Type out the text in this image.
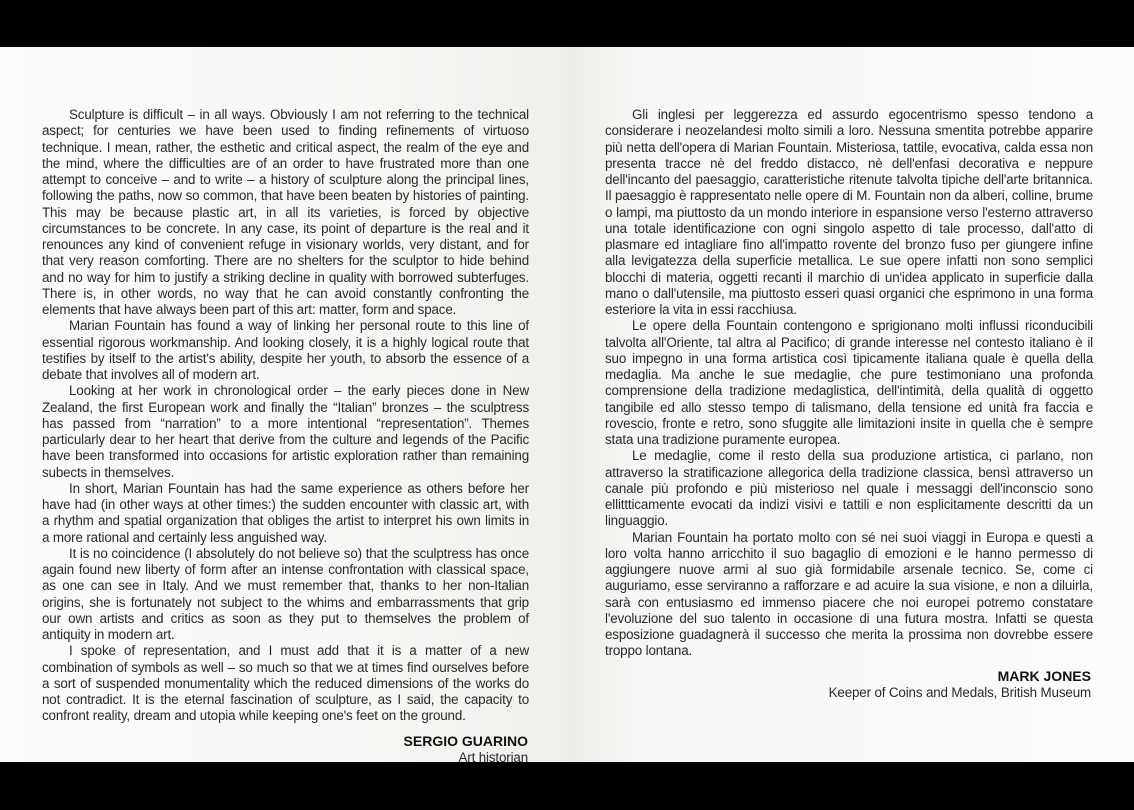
Sculpture is difficult – in all ways. Obviously I am not referring to the technical aspect; for centuries we have been used to finding refinements of virtuoso technique. I mean, rather, the esthetic and critical aspect, the realm of the eye and the mind, where the difficulties are of an order to have frustrated more than one attempt to conceive – and to write – a history of sculpture along the principal lines, following the paths, now so common, that have been beaten by histories of painting. This may be because plastic art, in all its varieties, is forced by objective circumstances to be concrete. In any case, its point of departure is the real and it renounces any kind of convenient refuge in visionary worlds, very distant, and for that very reason comforting. There are no shelters for the sculptor to hide behind and no way for him to justify a striking decline in quality with borrowed subterfuges. There is, in other words, no way that he can avoid constantly confronting the elements that have always been part of this art: matter, form and space.

Marian Fountain has found a way of linking her personal route to this line of essential rigorous workmanship. And looking closely, it is a highly logical route that testifies by itself to the artist's ability, despite her youth, to absorb the essence of a debate that involves all of modern art.

Looking at her work in chronological order – the early pieces done in New Zealand, the first European work and finally the “Italian” bronzes – the sculptress has passed from “narration” to a more intentional “representation”. Themes particularly dear to her heart that derive from the culture and legends of the Pacific have been transformed into occasions for artistic exploration rather than remaining subects in themselves.

In short, Marian Fountain has had the same experience as others before her have had (in other ways at other times:) the sudden encounter with classic art, with a rhythm and spatial organization that obliges the artist to interpret his own limits in a more rational and certainly less anguished way.

It is no coincidence (I absolutely do not believe so) that the sculptress has once again found new liberty of form after an intense confrontation with classical space, as one can see in Italy. And we must remember that, thanks to her non-Italian origins, she is fortunately not subject to the whims and embarrassments that grip our own artists and critics as soon as they put to themselves the problem of antiquity in modern art.

I spoke of representation, and I must add that it is a matter of a new combination of symbols as well – so much so that we at times find ourselves before a sort of suspended monumentality which the reduced dimensions of the works do not contradict. It is the eternal fascination of sculpture, as I said, the capacity to confront reality, dream and utopia while keeping one's feet on the ground.

SERGIO GUARINO
Art historian

Gli inglesi per leggerezza ed assurdo egocentrismo spesso tendono a considerare i neozelandesi molto simili a loro. Nessuna smentita potrebbe apparire più netta dell'opera di Marian Fountain. Misteriosa, tattile, evocativa, calda essa non presenta tracce nè del freddo distacco, nè dell'enfasi decorativa e neppure dell'incanto del paesaggio, caratteristiche ritenute talvolta tipiche dell'arte britannica. Il paesaggio è rappresentato nelle opere di M. Fountain non da alberi, colline, brume o lampi, ma piuttosto da un mondo interiore in espansione verso l'esterno attraverso una totale identificazione con ogni singolo aspetto di tale processo, dall'atto di plasmare ed intagliare fino all'impatto rovente del bronzo fuso per giungere infine alla levigatezza della superficie metallica. Le sue opere infatti non sono semplici blocchi di materia, oggetti recanti il marchio di un'idea applicato in superficie dalla mano o dall'utensile, ma piuttosto esseri quasi organici che esprimono in una forma esteriore la vita in essi racchiusa.

Le opere della Fountain contengono e sprigionano molti influssi riconducibili talvolta all'Oriente, tal altra al Pacifico; di grande interesse nel contesto italiano è il suo impegno in una forma artistica così tipicamente italiana quale è quella della medaglia. Ma anche le sue medaglie, che pure testimoniano una profonda comprensione della tradizione medaglistica, dell'intimità, della qualità di oggetto tangibile ed allo stesso tempo di talismano, della tensione ed unità fra faccia e rovescio, fronte e retro, sono sfuggite alle limitazioni insite in quella che è sempre stata una tradizione puramente europea.

Le medaglie, come il resto della sua produzione artistica, ci parlano, non attraverso la stratificazione allegorica della tradizione classica, bensì attraverso un canale più profondo e più misterioso nel quale i messaggi dell'inconscio sono ellittticamente evocati da indizi visivi e tattili e non esplicitamente descritti da un linguaggio.

Marian Fountain ha portato molto con sé nei suoi viaggi in Europa e questi a loro volta hanno arricchito il suo bagaglio di emozioni e le hanno permesso di aggiungere nuove armi al suo già formidabile arsenale tecnico. Se, come ci auguriamo, esse serviranno a rafforzare e ad acuire la sua visione, e non a diluirla, sarà con entusiasmo ed immenso piacere che noi europei potremo constatare l'evoluzione del suo talento in occasione di una futura mostra. Infatti se questa esposizione guadagnerà il successo che merita la prossima non dovrebbe essere troppo lontana.

MARK JONES
Keeper of Coins and Medals, British Museum
